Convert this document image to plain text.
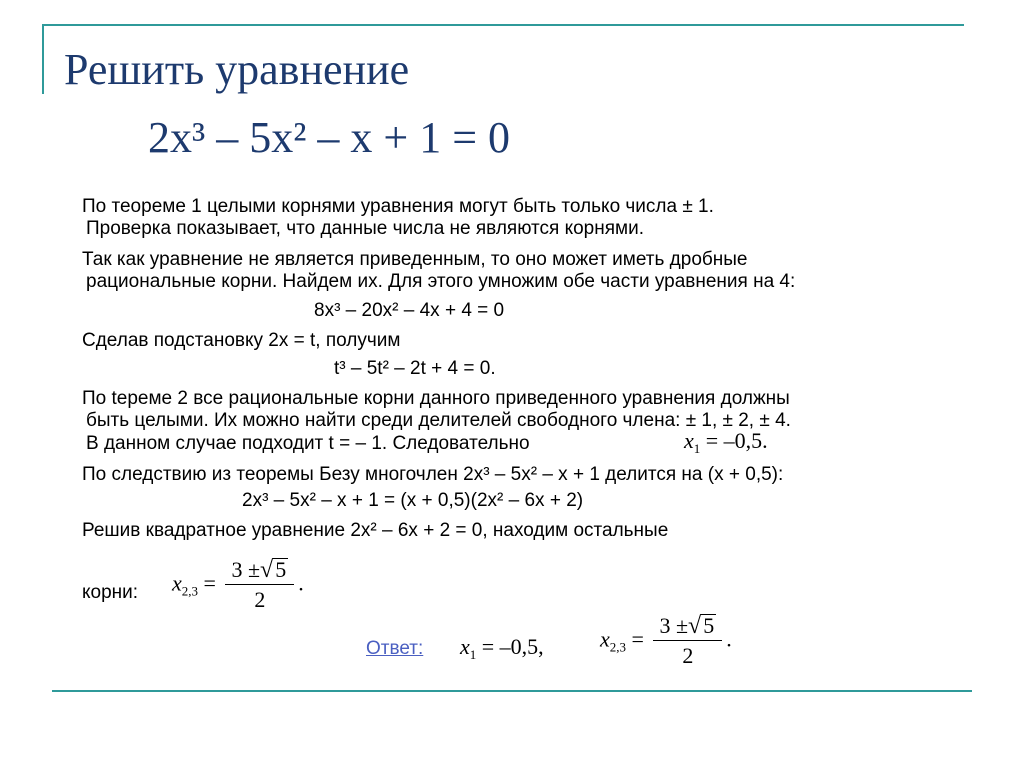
Решить уравнение
2x³ – 5x² – x + 1 = 0
По теореме 1 целыми корнями уравнения могут быть только числа ± 1.
Проверка показывает, что данные числа не являются корнями.
Так как уравнение не является приведенным, то оно может иметь дробные
рациональные корни. Найдем их. Для этого умножим обе части уравнения на 4:
8x³ – 20x² – 4x + 4 = 0
Сделав подстановку 2x = t, получим
t³ – 5t² – 2t + 4 = 0.
По tереме 2 все рациональные корни данного приведенного уравнения должны
быть целыми. Их можно найти среди делителей свободного члена: ± 1, ± 2, ± 4.
В данном случае подходит t = – 1. Следовательно	$x_1 = -0,5$.
По следствию из теоремы Безу многочлен 2x³ – 5x² – x + 1 делится на (x + 0,5):
2x³ – 5x² – x + 1 = (x + 0,5)(2x² – 6x + 2)
Решив квадратное уравнение 2x² – 6x + 2 = 0, находим остальные
корни: $x_{2,3} = \frac{3 \pm√5}{2}$ .
Ответ: $x_1 = -0,5$,	$x_{2,3} = \frac{3 \pm√5}{2}$ .
